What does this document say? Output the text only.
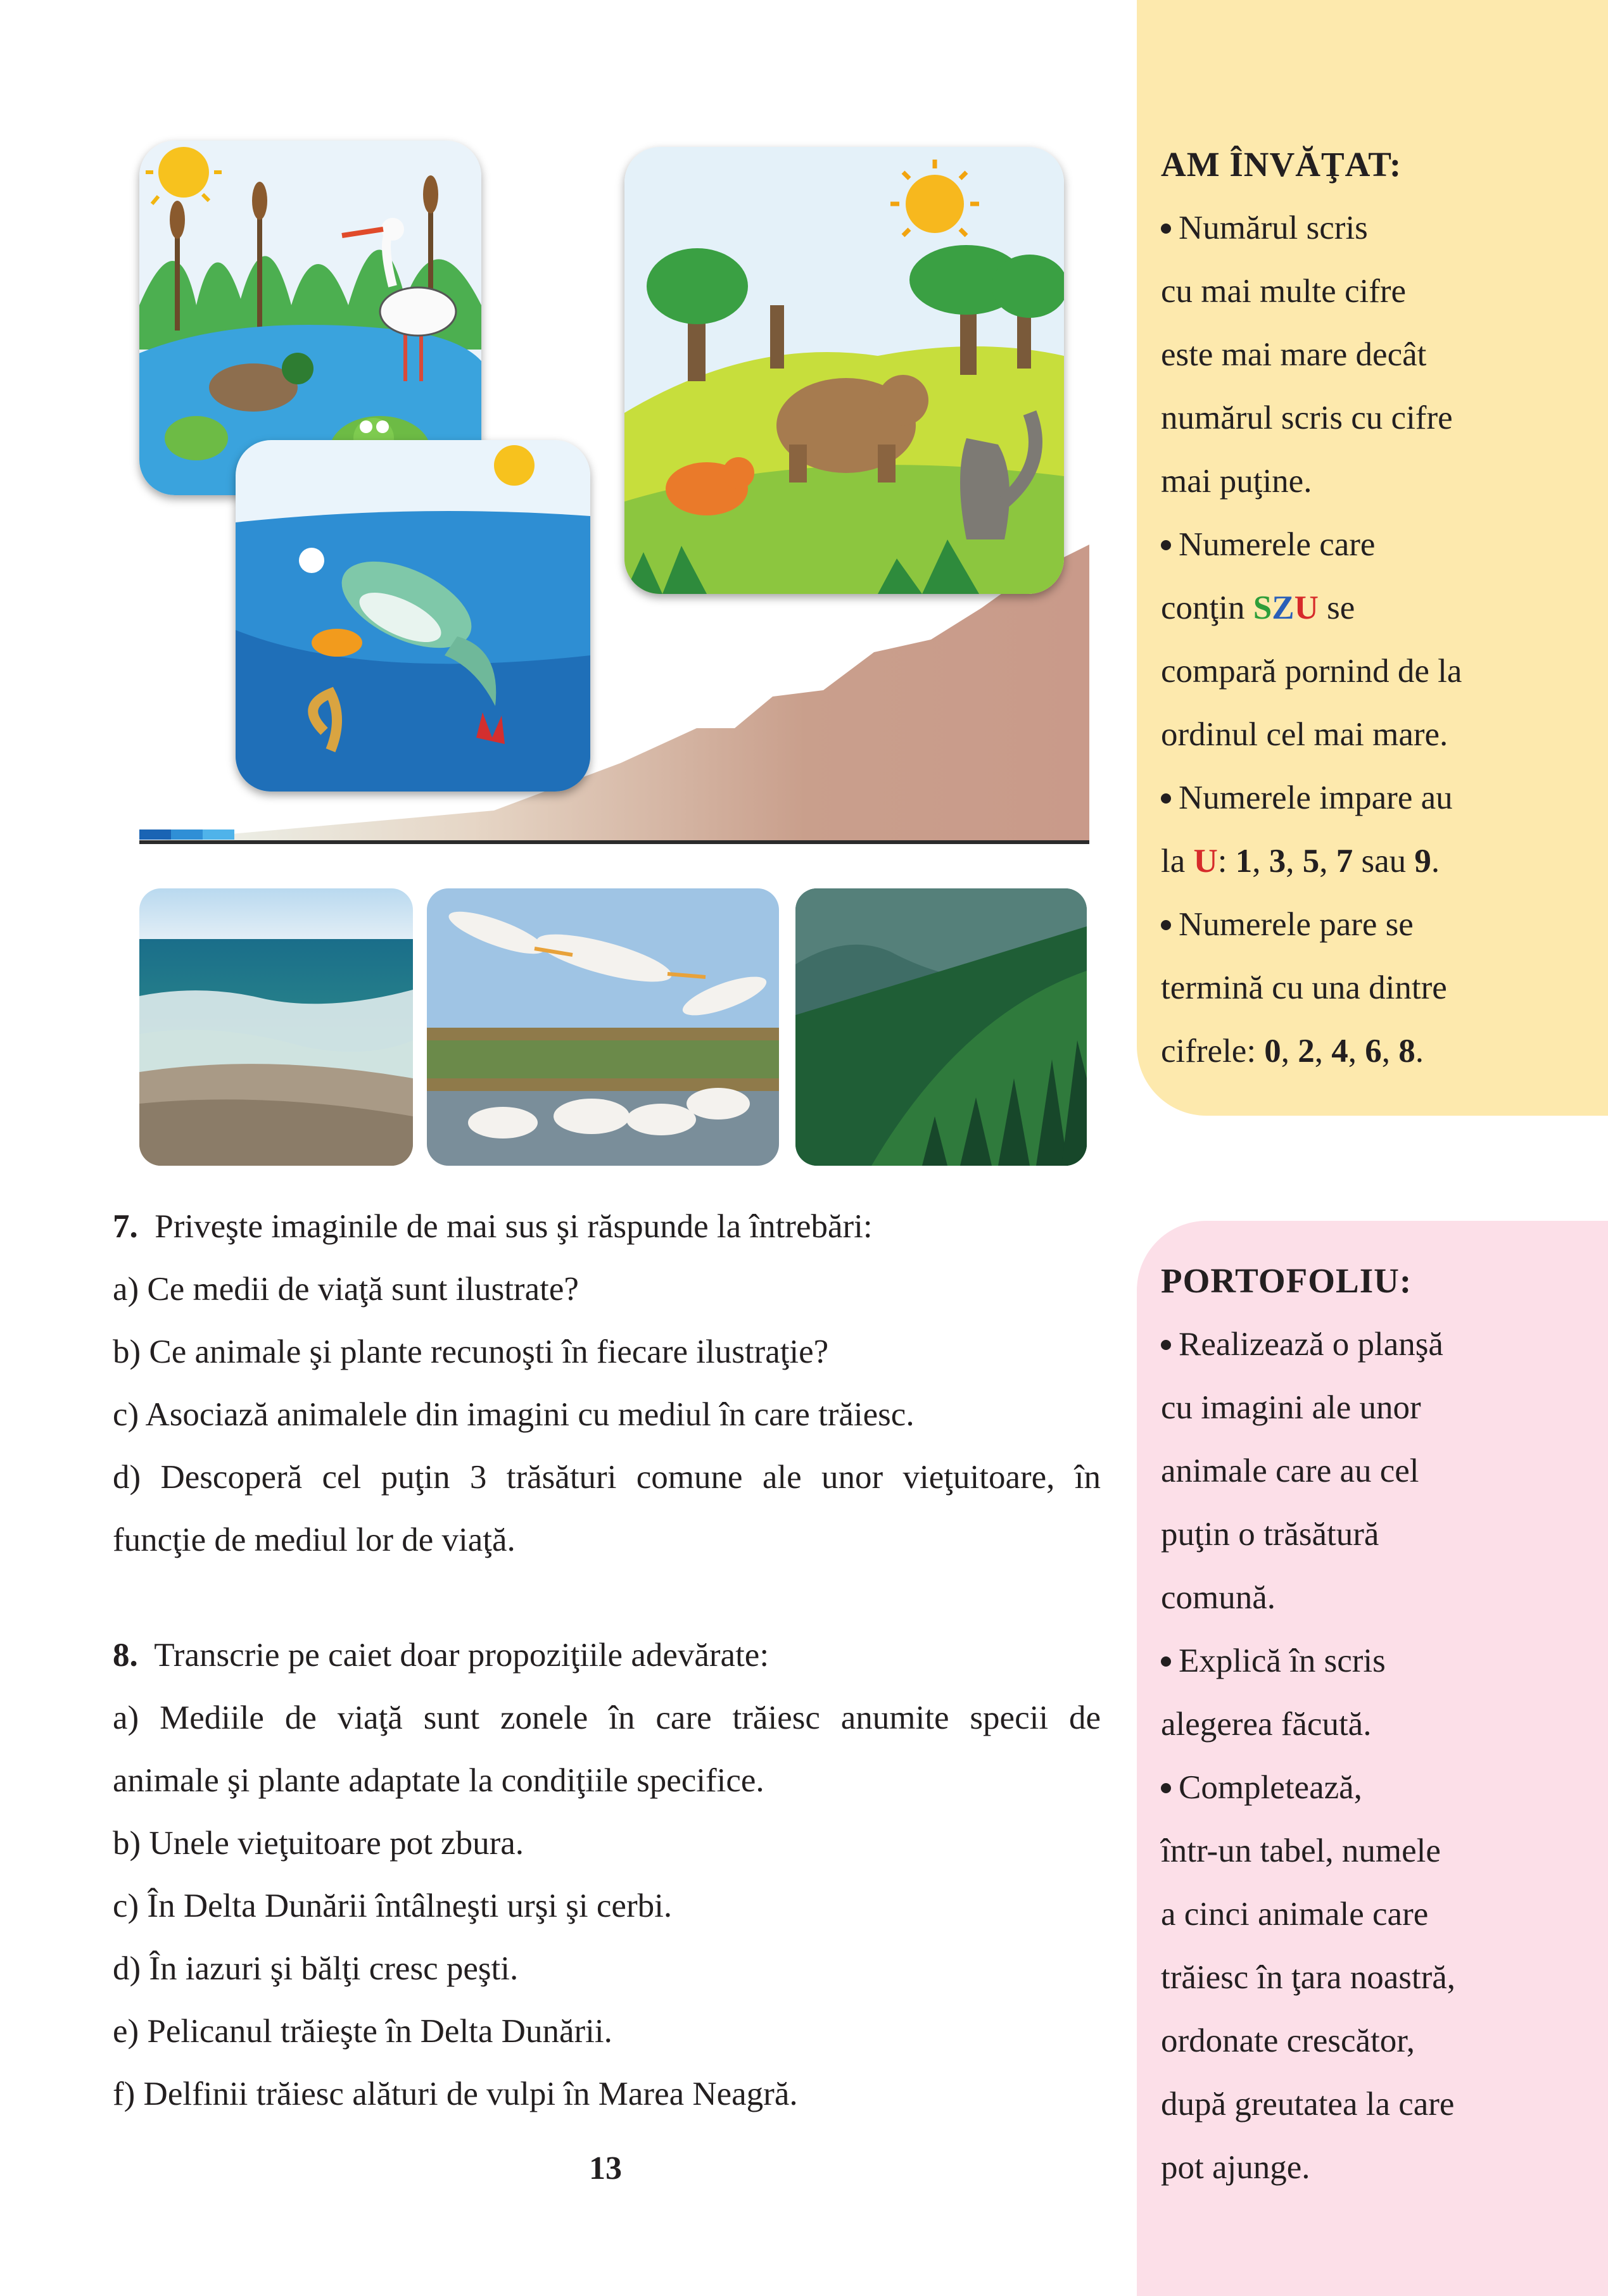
AM ÎNVĂŢAT:
Numărul scris
cu mai multe cifre
este mai mare decât
numărul scris cu cifre
mai puţine.
Numerele care
conţin SZU se
compară pornind de la
ordinul cel mai mare.
Numerele impare au
la U: 1, 3, 5, 7 sau 9.
Numerele pare se
termină cu una dintre
cifrele: 0, 2, 4, 6, 8.
PORTOFOLIU:
Realizează o planşă
cu imagini ale unor
animale care au cel
puţin o trăsătură
comună.
Explică în scris
alegerea făcută.
Completează,
într-un tabel, numele
a cinci animale care
trăiesc în ţara noastră,
ordonate crescător,
după greutatea la care
pot ajunge.
7. Priveşte imaginile de mai sus şi răspunde la întrebări:
a) Ce medii de viaţă sunt ilustrate?
b) Ce animale şi plante recunoşti în fiecare ilustraţie?
c) Asociază animalele din imagini cu mediul în care trăiesc.
d) Descoperă cel puţin 3 trăsături comune ale unor vieţuitoare, în
funcţie de mediul lor de viaţă.
8. Transcrie pe caiet doar propoziţiile adevărate:
a) Mediile de viaţă sunt zonele în care trăiesc anumite specii de
animale şi plante adaptate la condiţiile specifice.
b) Unele vieţuitoare pot zbura.
c) În Delta Dunării întâlneşti urşi şi cerbi.
d) În iazuri şi bălţi cresc peşti.
e) Pelicanul trăieşte în Delta Dunării.
f) Delfinii trăiesc alături de vulpi în Marea Neagră.
13
